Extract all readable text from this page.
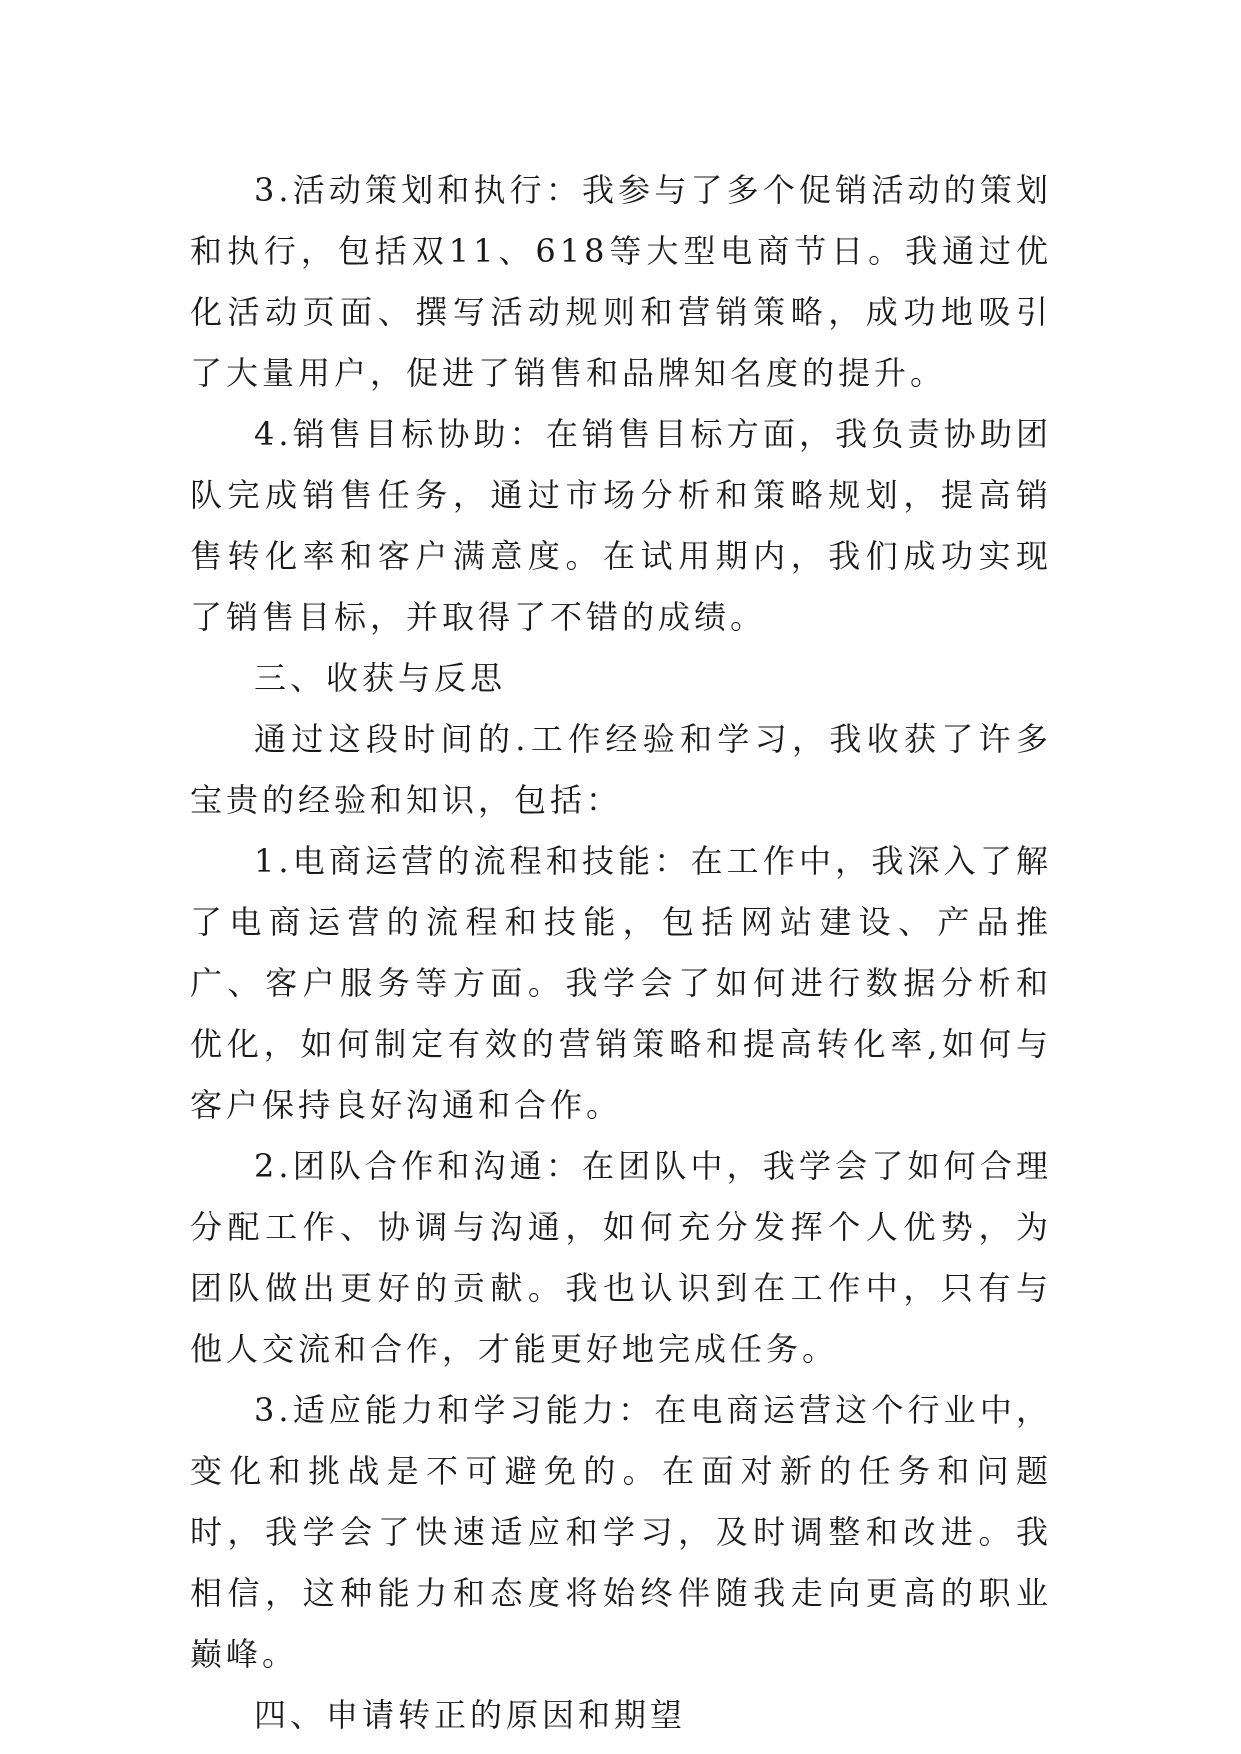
3.活动策划和执行：我参与了多个促销活动的策划和执行，包括双11、618等大型电商节日。我通过优化活动页面、撰写活动规则和营销策略，成功地吸引了大量用户，促进了销售和品牌知名度的提升。

4.销售目标协助：在销售目标方面，我负责协助团队完成销售任务，通过市场分析和策略规划，提高销售转化率和客户满意度。在试用期内，我们成功实现了销售目标，并取得了不错的成绩。

三、收获与反思

通过这段时间的.工作经验和学习，我收获了许多宝贵的经验和知识，包括：

1.电商运营的流程和技能：在工作中，我深入了解了电商运营的流程和技能，包括网站建设、产品推广、客户服务等方面。我学会了如何进行数据分析和优化，如何制定有效的营销策略和提高转化率,如何与客户保持良好沟通和合作。

2.团队合作和沟通：在团队中，我学会了如何合理分配工作、协调与沟通，如何充分发挥个人优势，为团队做出更好的贡献。我也认识到在工作中，只有与他人交流和合作，才能更好地完成任务。

3.适应能力和学习能力：在电商运营这个行业中，变化和挑战是不可避免的。在面对新的任务和问题时，我学会了快速适应和学习，及时调整和改进。我相信，这种能力和态度将始终伴随我走向更高的职业巅峰。

四、申请转正的原因和期望
